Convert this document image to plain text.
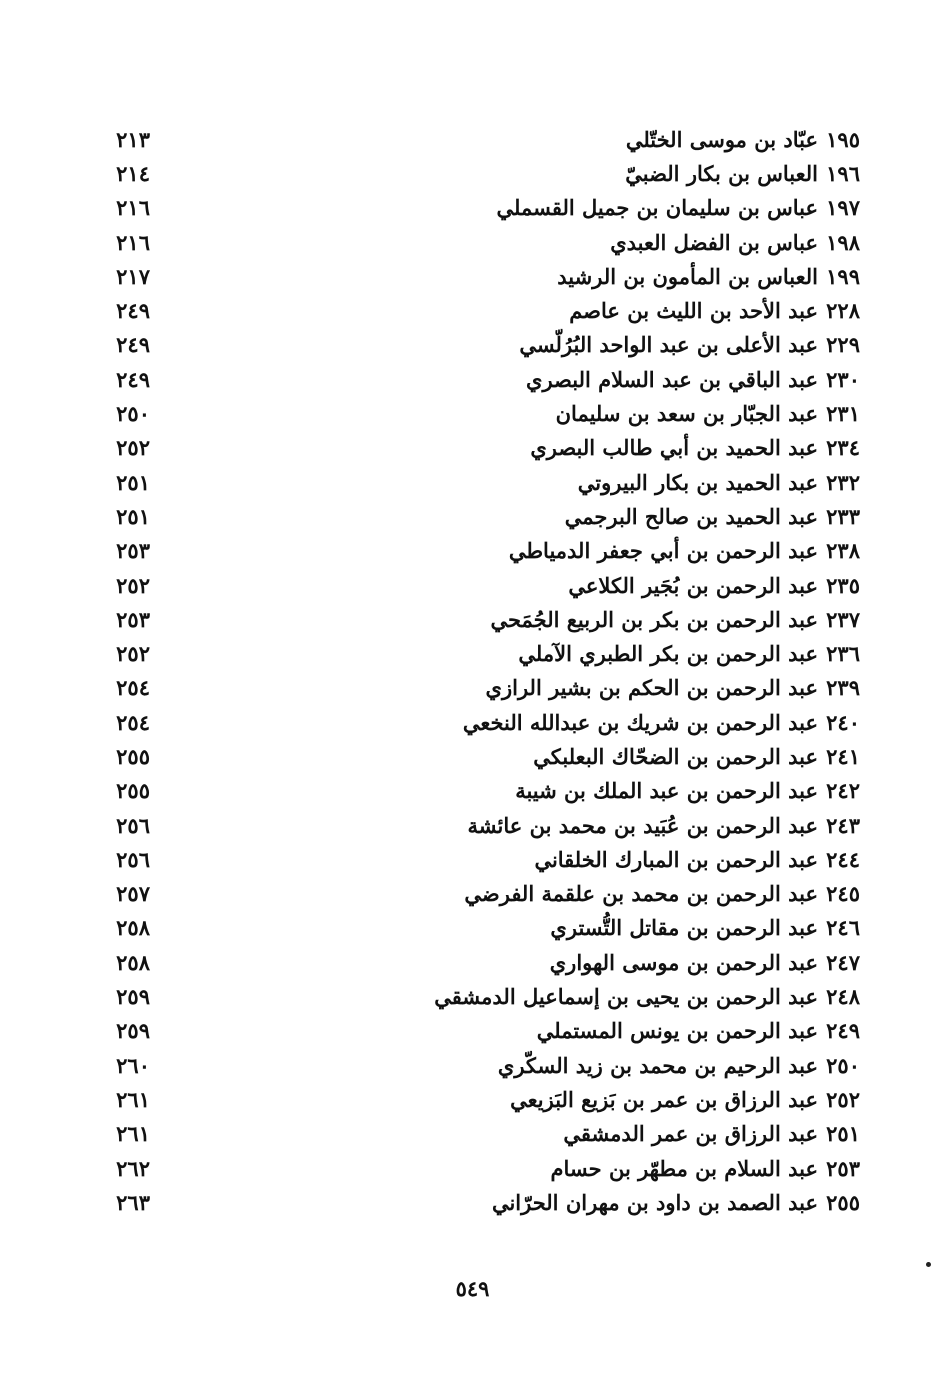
١٩٥
عبّاد بن موسى الختّلي
٢١٣
١٩٦
العباس بن بكار الضبيّ
٢١٤
١٩٧
عباس بن سليمان بن جميل القسملي
٢١٦
١٩٨
عباس بن الفضل العبدي
٢١٦
١٩٩
العباس بن المأمون بن الرشيد
٢١٧
٢٢٨
عبد الأحد بن الليث بن عاصم
٢٤٩
٢٢٩
عبد الأعلى بن عبد الواحد البُرُلّسي
٢٤٩
٢٣٠
عبد الباقي بن عبد السلام البصري
٢٤٩
٢٣١
عبد الجبّار بن سعد بن سليمان
٢٥٠
٢٣٤
عبد الحميد بن أبي طالب البصري
٢٥٢
٢٣٢
عبد الحميد بن بكار البيروتي
٢٥١
٢٣٣
عبد الحميد بن صالح البرجمي
٢٥١
٢٣٨
عبد الرحمن بن أبي جعفر الدمياطي
٢٥٣
٢٣٥
عبد الرحمن بن بُجَير الكلاعي
٢٥٢
٢٣٧
عبد الرحمن بن بكر بن الربيع الجُمَحي
٢٥٣
٢٣٦
عبد الرحمن بن بكر الطبري الآملي
٢٥٢
٢٣٩
عبد الرحمن بن الحكم بن بشير الرازي
٢٥٤
٢٤٠
عبد الرحمن بن شريك بن عبدالله النخعي
٢٥٤
٢٤١
عبد الرحمن بن الضحّاك البعلبكي
٢٥٥
٢٤٢
عبد الرحمن بن عبد الملك بن شيبة
٢٥٥
٢٤٣
عبد الرحمن بن عُبَيد بن محمد بن عائشة
٢٥٦
٢٤٤
عبد الرحمن بن المبارك الخلقاني
٢٥٦
٢٤٥
عبد الرحمن بن محمد بن علقمة الفرضي
٢٥٧
٢٤٦
عبد الرحمن بن مقاتل التُّستري
٢٥٨
٢٤٧
عبد الرحمن بن موسى الهواري
٢٥٨
٢٤٨
عبد الرحمن بن يحيى بن إسماعيل الدمشقي
٢٥٩
٢٤٩
عبد الرحمن بن يونس المستملي
٢٥٩
٢٥٠
عبد الرحيم بن محمد بن زيد السكّري
٢٦٠
٢٥٢
عبد الرزاق بن عمر بن بَزيع البَزيعي
٢٦١
٢٥١
عبد الرزاق بن عمر الدمشقي
٢٦١
٢٥٣
عبد السلام بن مطهّر بن حسام
٢٦٢
٢٥٥
عبد الصمد بن داود بن مهران الحرّاني
٢٦٣
٥٤٩
